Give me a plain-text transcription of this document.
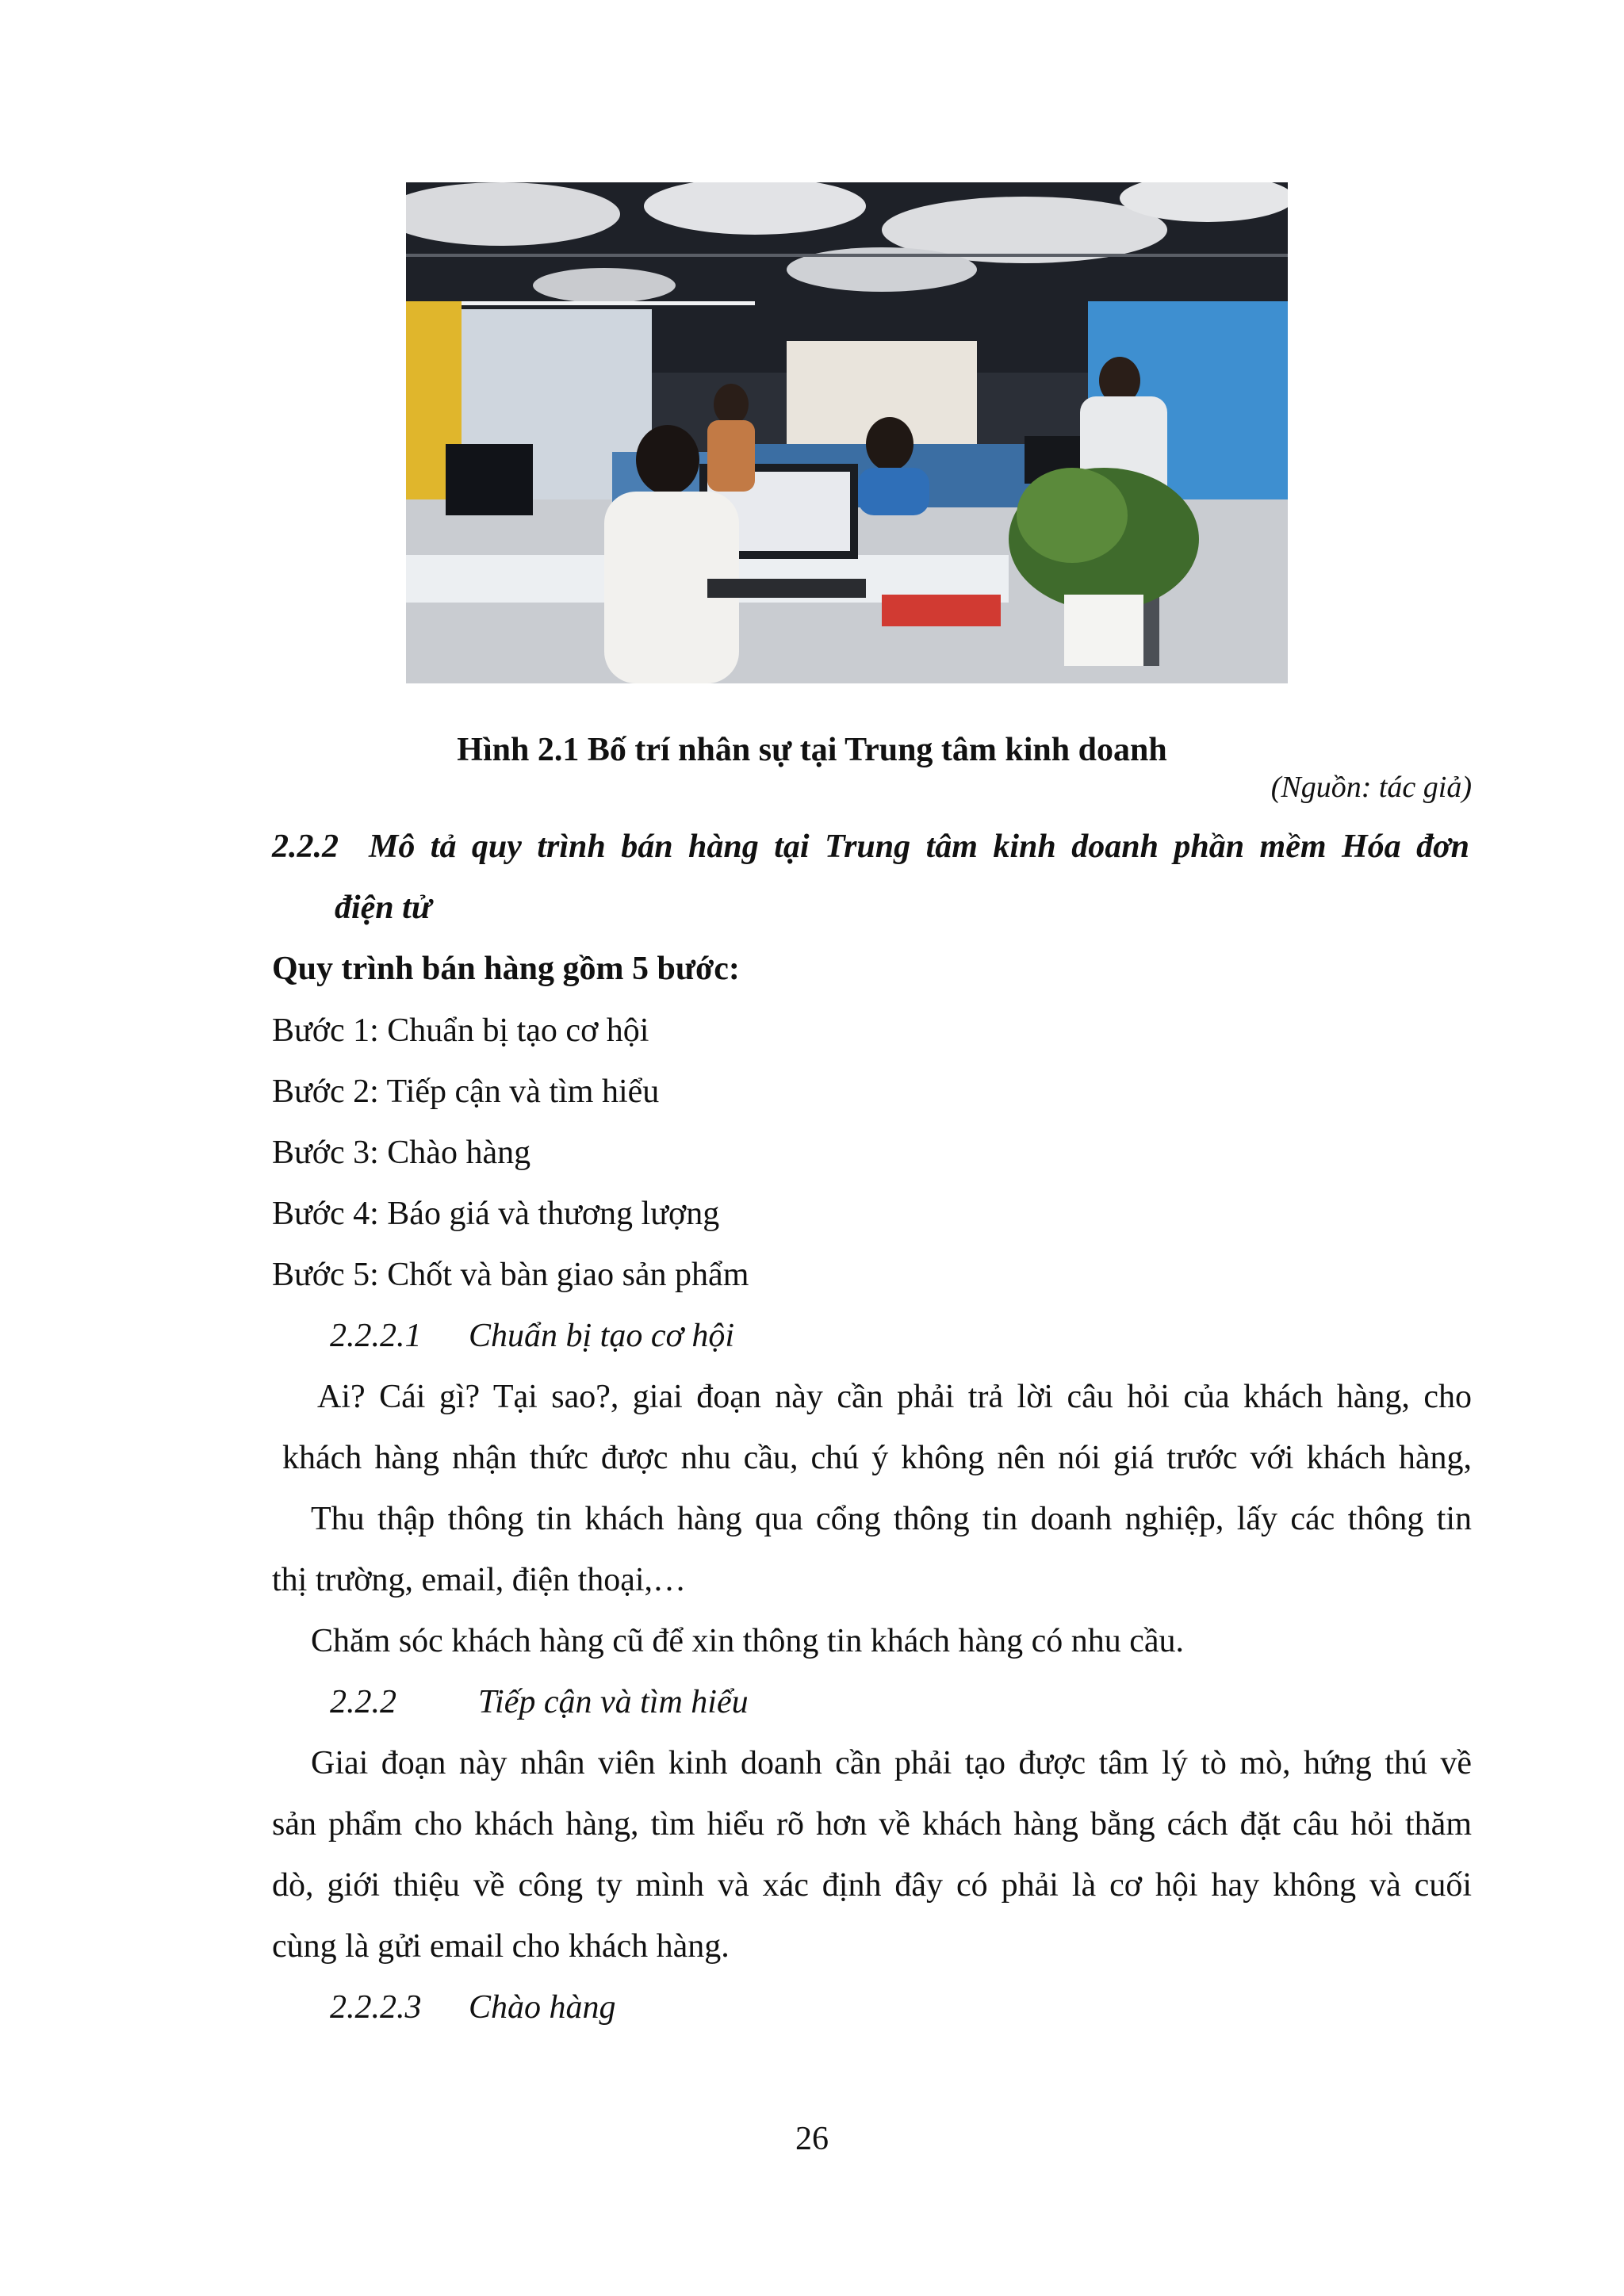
Hình 2.1 Bố trí nhân sự tại Trung tâm kinh doanh

(Nguồn: tác giả)

2.2.2 Mô tả quy trình bán hàng tại Trung tâm kinh doanh phần mềm Hóa đơn

điện tử

Quy trình bán hàng gồm 5 bước:

Bước 1: Chuẩn bị tạo cơ hội

Bước 2: Tiếp cận và tìm hiểu

Bước 3: Chào hàng

Bước 4: Báo giá và thương lượng

Bước 5: Chốt và bàn giao sản phẩm

2.2.2.1 Chuẩn bị tạo cơ hội

Ai? Cái gì? Tại sao?, giai đoạn này cần phải trả lời câu hỏi của khách hàng, cho

khách hàng nhận thức được nhu cầu, chú ý không nên nói giá trước với khách hàng,

Thu thập thông tin khách hàng qua cổng thông tin doanh nghiệp, lấy các thông tin

thị trường, email, điện thoại,…

Chăm sóc khách hàng cũ để xin thông tin khách hàng có nhu cầu.

2.2.2 Tiếp cận và tìm hiểu

Giai đoạn này nhân viên kinh doanh cần phải tạo được tâm lý tò mò, hứng thú về

sản phẩm cho khách hàng, tìm hiểu rõ hơn về khách hàng bằng cách đặt câu hỏi thăm

dò, giới thiệu về công ty mình và xác định đây có phải là cơ hội hay không và cuối

cùng là gửi email cho khách hàng.

2.2.2.3 Chào hàng

26
